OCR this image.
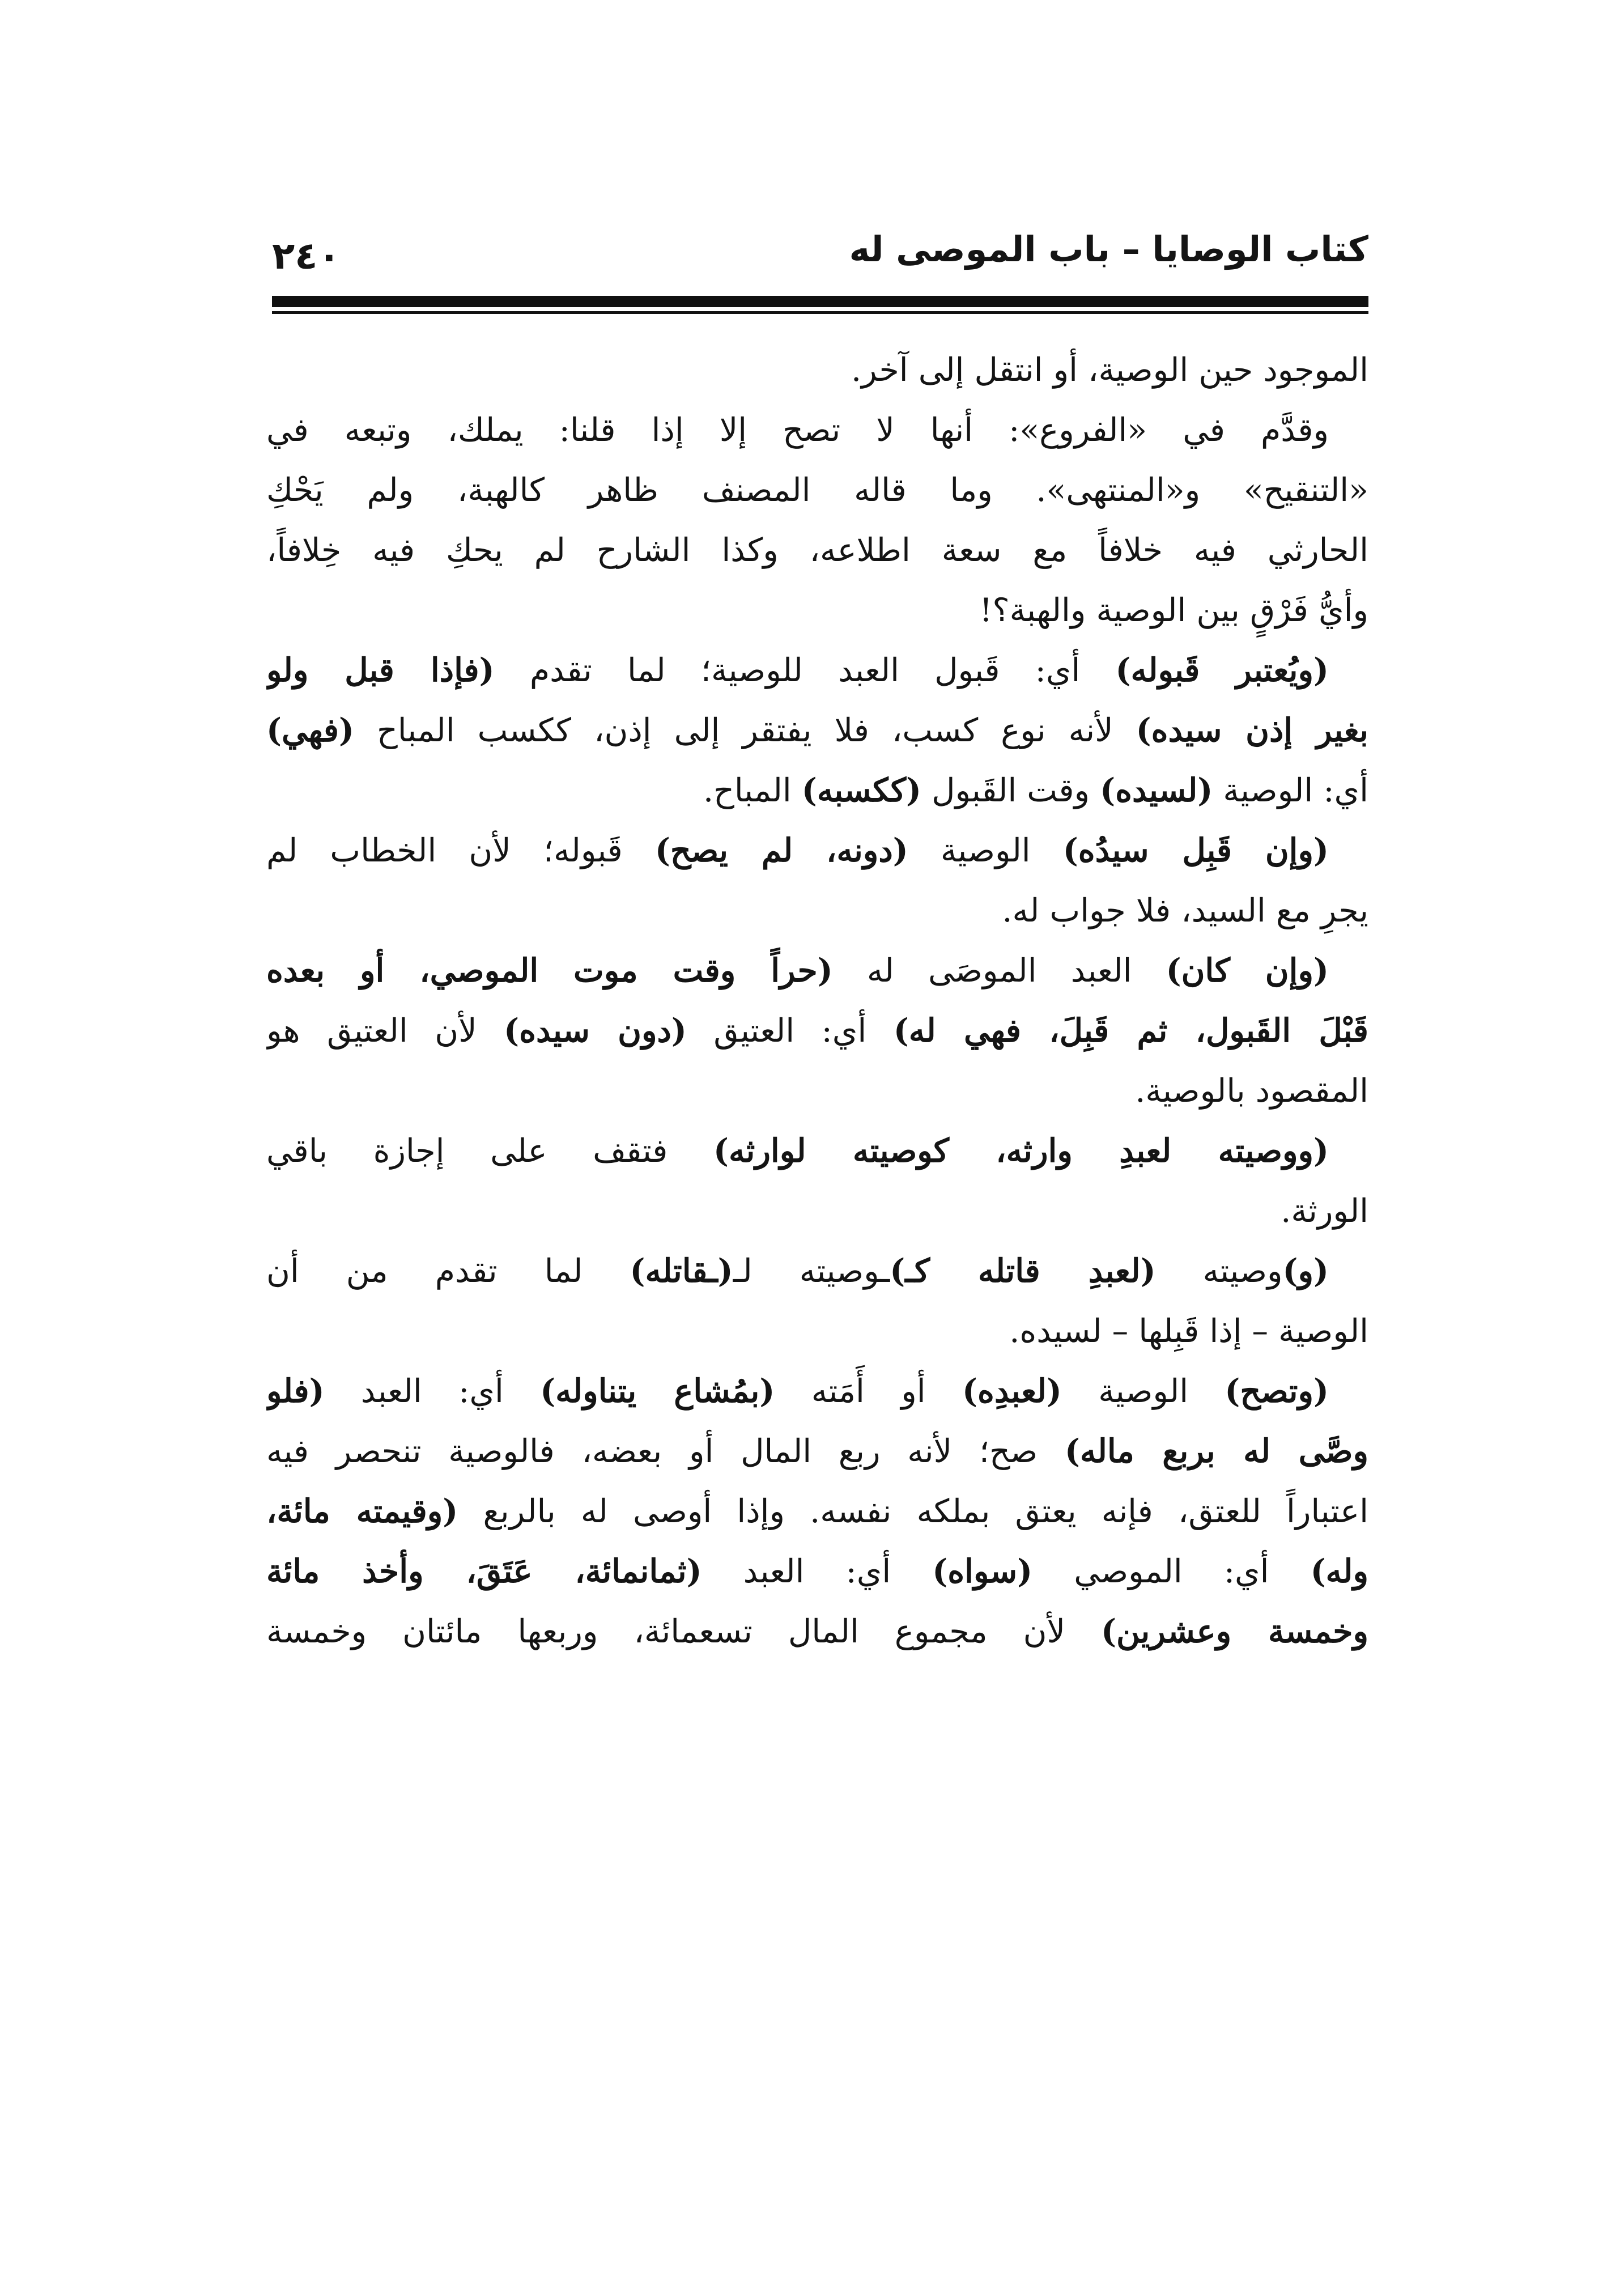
كتاب الوصايا – باب الموصى له
٢٤٠
الموجود حين الوصية، أو انتقل إلى آخر.
وقدَّم في «الفروع»: أنها لا تصح إلا إذا قلنا: يملك، وتبعه في
«التنقيح» و«المنتهى». وما قاله المصنف ظاهر كالهبة، ولم يَحْكِ
الحارثي فيه خلافاً مع سعة اطلاعه، وكذا الشارح لم يحكِ فيه خِلافاً،
وأيُّ فَرْقٍ بين الوصية والهبة؟!
(ويُعتبر قَبوله) أي: قَبول العبد للوصية؛ لما تقدم (فإذا قبل ولو
بغير إذن سيده) لأنه نوع كسب، فلا يفتقر إلى إذن، ككسب المباح (فهي)
أي: الوصية (لسيده) وقت القَبول (ككسبه) المباح.
(وإن قَبِل سيدُه) الوصية (دونه، لم يصح) قَبوله؛ لأن الخطاب لم
يجرِ مع السيد، فلا جواب له.
(وإن كان) العبد الموصَى له (حراً وقت موت الموصي، أو بعده
قَبْلَ القَبول، ثم قَبِلَ، فهي له) أي: العتيق (دون سيده) لأن العتيق هو
المقصود بالوصية.
(ووصيته لعبدِ وارثه، كوصيته لوارثه) فتقف على إجازة باقي
الورثة.
(و)وصيته (لعبدِ قاتله كـ)ـوصيته لـ(ـقاتله) لما تقدم من أن
الوصية – إذا قَبِلها – لسيده.
(وتصح) الوصية (لعبدِه) أو أَمَته (بمُشاع يتناوله) أي: العبد (فلو
وصَّى له بربع ماله) صح؛ لأنه ربع المال أو بعضه، فالوصية تنحصر فيه
اعتباراً للعتق، فإنه يعتق بملكه نفسه. وإذا أوصى له بالربع (وقيمته مائة،
وله) أي: الموصي (سواه) أي: العبد (ثمانمائة، عَتَقَ، وأخذ مائة
وخمسة وعشرين) لأن مجموع المال تسعمائة، وربعها مائتان وخمسة
